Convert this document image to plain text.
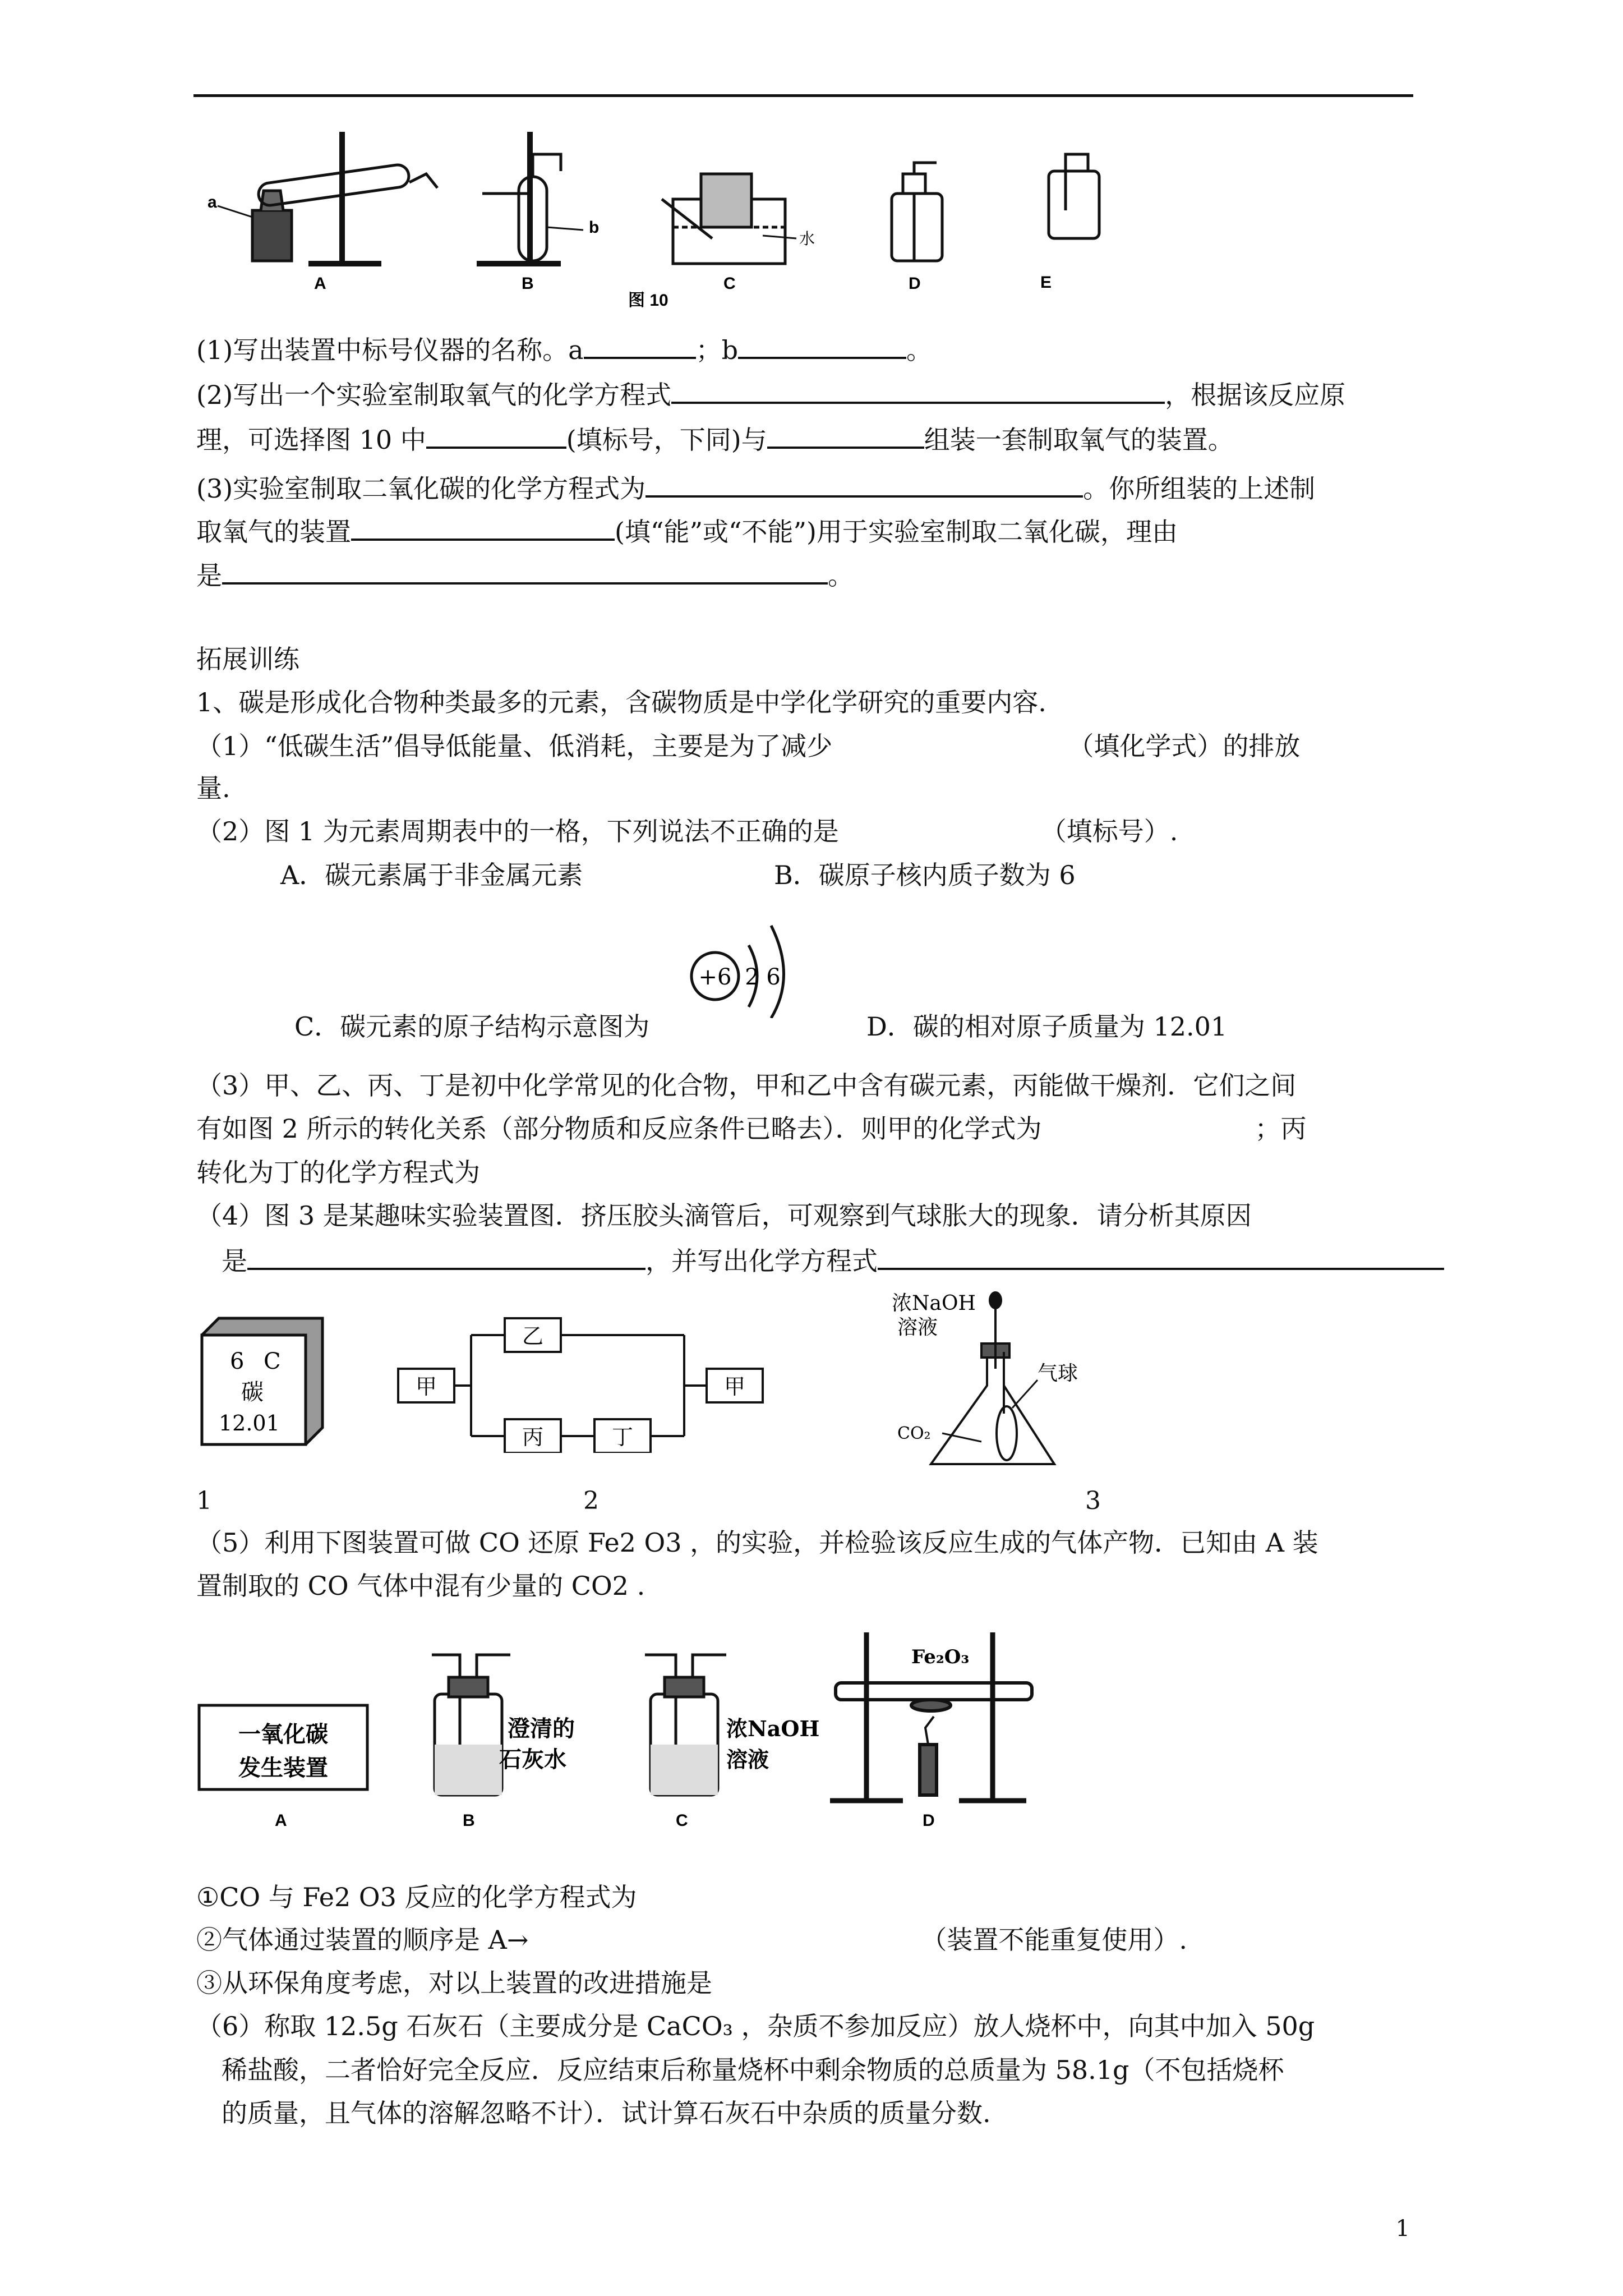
a
b
水
A	B	C	D	E
图 10
(1)写出装置中标号仪器的名称。a	；b	。
(2)写出一个实验室制取氧气的化学方程式	，根据该反应原
理，可选择图 10 中	(填标号，下同)与	组装一套制取氧气的装置。
(3)实验室制取二氧化碳的化学方程式为	。你所组装的上述制
取氧气的装置	(填“能”或“不能”)用于实验室制取二氧化碳，理由
是	。
拓展训练
1、碳是形成化合物种类最多的元素，含碳物质是中学化学研究的重要内容.
（1）“低碳生活”倡导低能量、低消耗，主要是为了减少	（填化学式）的排放
量.
（2）图 1 为元素周期表中的一格，下列说法不正确的是	（填标号）.
A．碳元素属于非金属元素	B．碳原子核内质子数为 6
+6 2 6
C．碳元素的原子结构示意图为	D．碳的相对原子质量为 12.01
（3）甲、乙、丙、丁是初中化学常见的化合物，甲和乙中含有碳元素，丙能做干燥剂．它们之间
有如图 2 所示的转化关系（部分物质和反应条件已略去）．则甲的化学式为	；丙
转化为丁的化学方程式为
（4）图 3 是某趣味实验装置图．挤压胶头滴管后，可观察到气球胀大的现象．请分析其原因
是	，并写出化学方程式
6 C
碳
12.01
甲
乙
丙	丁
甲
浓NaOH
溶液
气球
CO₂
1	2	3
（5）利用下图装置可做 CO 还原 Fe2 O3 ，的实验，并检验该反应生成的气体产物．已知由 A 装
置制取的 CO 气体中混有少量的 CO2 .
一氧化碳
发生装置
澄清的
石灰水
浓NaOH
溶液
Fe₂O₃
A	B	C	D
①CO 与 Fe2 O3 反应的化学方程式为
②气体通过装置的顺序是 A→	（装置不能重复使用）.
③从环保角度考虑，对以上装置的改进措施是
（6）称取 12.5g 石灰石（主要成分是 CaCO₃ ，杂质不参加反应）放人烧杯中，向其中加入 50g
稀盐酸，二者恰好完全反应．反应结束后称量烧杯中剩余物质的总质量为 58.1g（不包括烧杯
的质量，且气体的溶解忽略不计）．试计算石灰石中杂质的质量分数.
1
